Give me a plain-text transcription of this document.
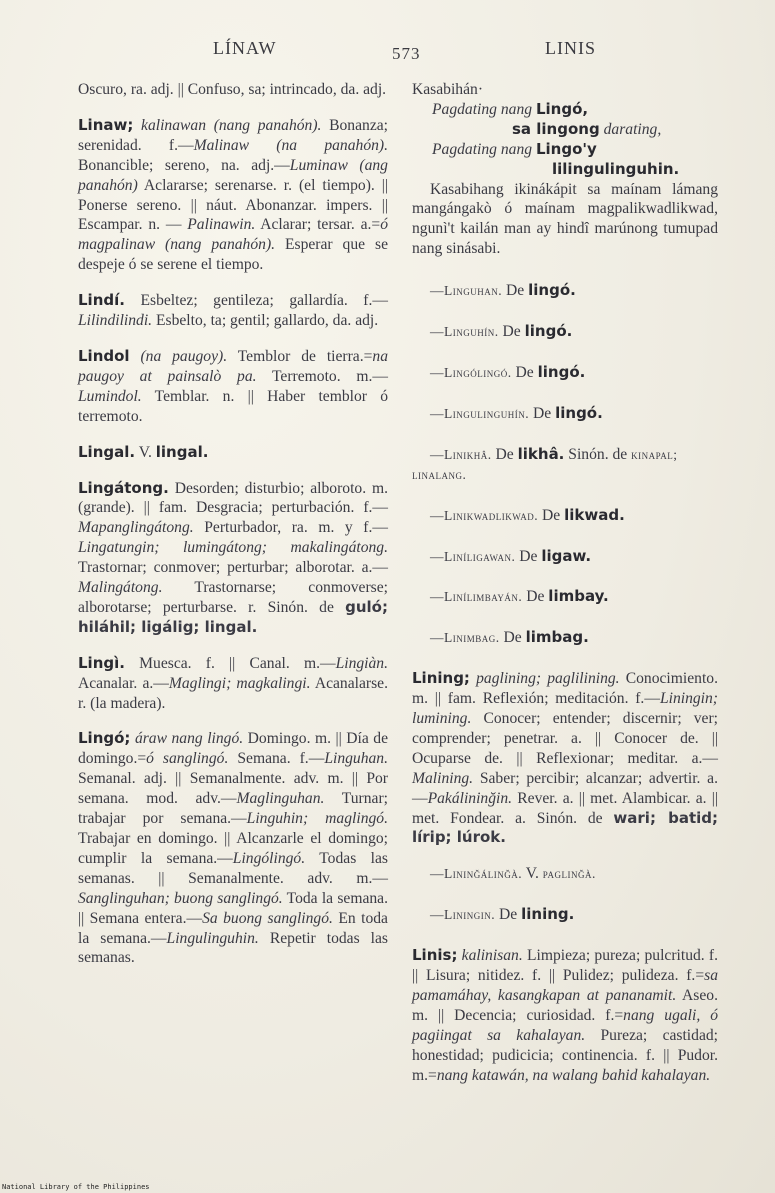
LÍNAW	573	LINIS

Oscuro, ra. adj. || Confuso, sa; intrincado, da. adj.

Linaw; kalinawan (nang panahón). Bonanza; serenidad. f.—Malinaw (na panahón). Bonancible; sereno, na. adj.—Luminaw (ang panahón) Aclararse; serenarse. r. (el tiempo). || Ponerse sereno. || náut. Abonanzar. impers. || Escampar. n. — Palinawin. Aclarar; tersar. a.=ó magpalinaw (nang panahón). Esperar que se despeje ó se serene el tiempo.

Lindí. Esbeltez; gentileza; gallardía. f.—Lilindilindi. Esbelto, ta; gentil; gallardo, da. adj.

Lindol (na paugoy). Temblor de tierra.=na paugoy at painsalò pa. Terremoto. m.—Lumindol. Temblar. n. || Haber temblor ó terremoto.

Lingal. V. lingal.

Lingátong. Desorden; disturbio; alboroto. m. (grande). || fam. Desgracia; perturbación. f.—Mapanglingátong. Perturbador, ra. m. y f.—Lingatungin; lumingátong; makalingátong. Trastornar; conmover; perturbar; alborotar. a.—Malingátong. Trastornarse; conmoverse; alborotarse; perturbarse. r. Sinón. de guló; hiláhil; ligálig; lingal.

Lingì. Muesca. f. || Canal. m.—Lingiàn. Acanalar. a.—Maglingi; magkalingi. Acanalarse. r. (la madera).

Lingó; áraw nang lingó. Domingo. m. || Día de domingo.=ó sanglingó. Semana. f.—Linguhan. Semanal. adj. || Semanalmente. adv. m. || Por semana. mod. adv.—Maglinguhan. Turnar; trabajar por semana.—Linguhin; maglingó. Trabajar en domingo. || Alcanzarle el domingo; cumplir la semana.—Lingólingó. Todas las semanas. || Semanalmente. adv. m.—Sanglinguhan; buong sanglingó. Toda la semana. || Semana entera.—Sa buong sanglingó. En toda la semana.—Lingulinguhin. Repetir todas las semanas.

Kasabihán·

Pagdating nang Lingó,

sa lingong darating,

Pagdating nang Lingo'y

lilingulinguhin.

Kasabihang ikinákápit sa maínam lámang mangángakò ó maínam magpalikwadlikwad, ngunì't kailán man ay hindî marúnong tumupad nang sinásabi.

—Linguhan. De lingó.

—Linguhín. De lingó.

—Lingólingó. De lingó.

—Lingulinguhín. De lingó.

—Linikhâ. De likhâ. Sinón. de kinapal; linalang.

—Linikwadlikwad. De likwad.

—Liníligawan. De ligaw.

—Linílimbayán. De limbay.

—Linimbag. De limbag.

Lining; paglining; paglilining. Conocimiento. m. || fam. Reflexión; meditación. f.—Liningin; lumining. Conocer; entender; discernir; ver; comprender; penetrar. a. || Conocer de. || Ocuparse de. || Reflexionar; meditar. a.—Malining. Saber; percibir; alcanzar; advertir. a.—Pakálininğin. Rever. a. || met. Alambicar. a. || met. Fondear. a. Sinón. de wari; batid; lírip; lúrok.

—Lininğálinğà. V. paglinğà.

—Liningin. De lining.

Linis; kalinisan. Limpieza; pureza; pulcritud. f. || Lisura; nitidez. f. || Pulidez; pulideza. f.=sa pamamáhay, kasangkapan at pananamit. Aseo. m. || Decencia; curiosidad. f.=nang ugali, ó pagiingat sa kahalayan. Pureza; castidad; honestidad; pudicicia; continencia. f. || Pudor. m.=nang katawán, na walang bahid kahalayan.

National Library of the Philippines
